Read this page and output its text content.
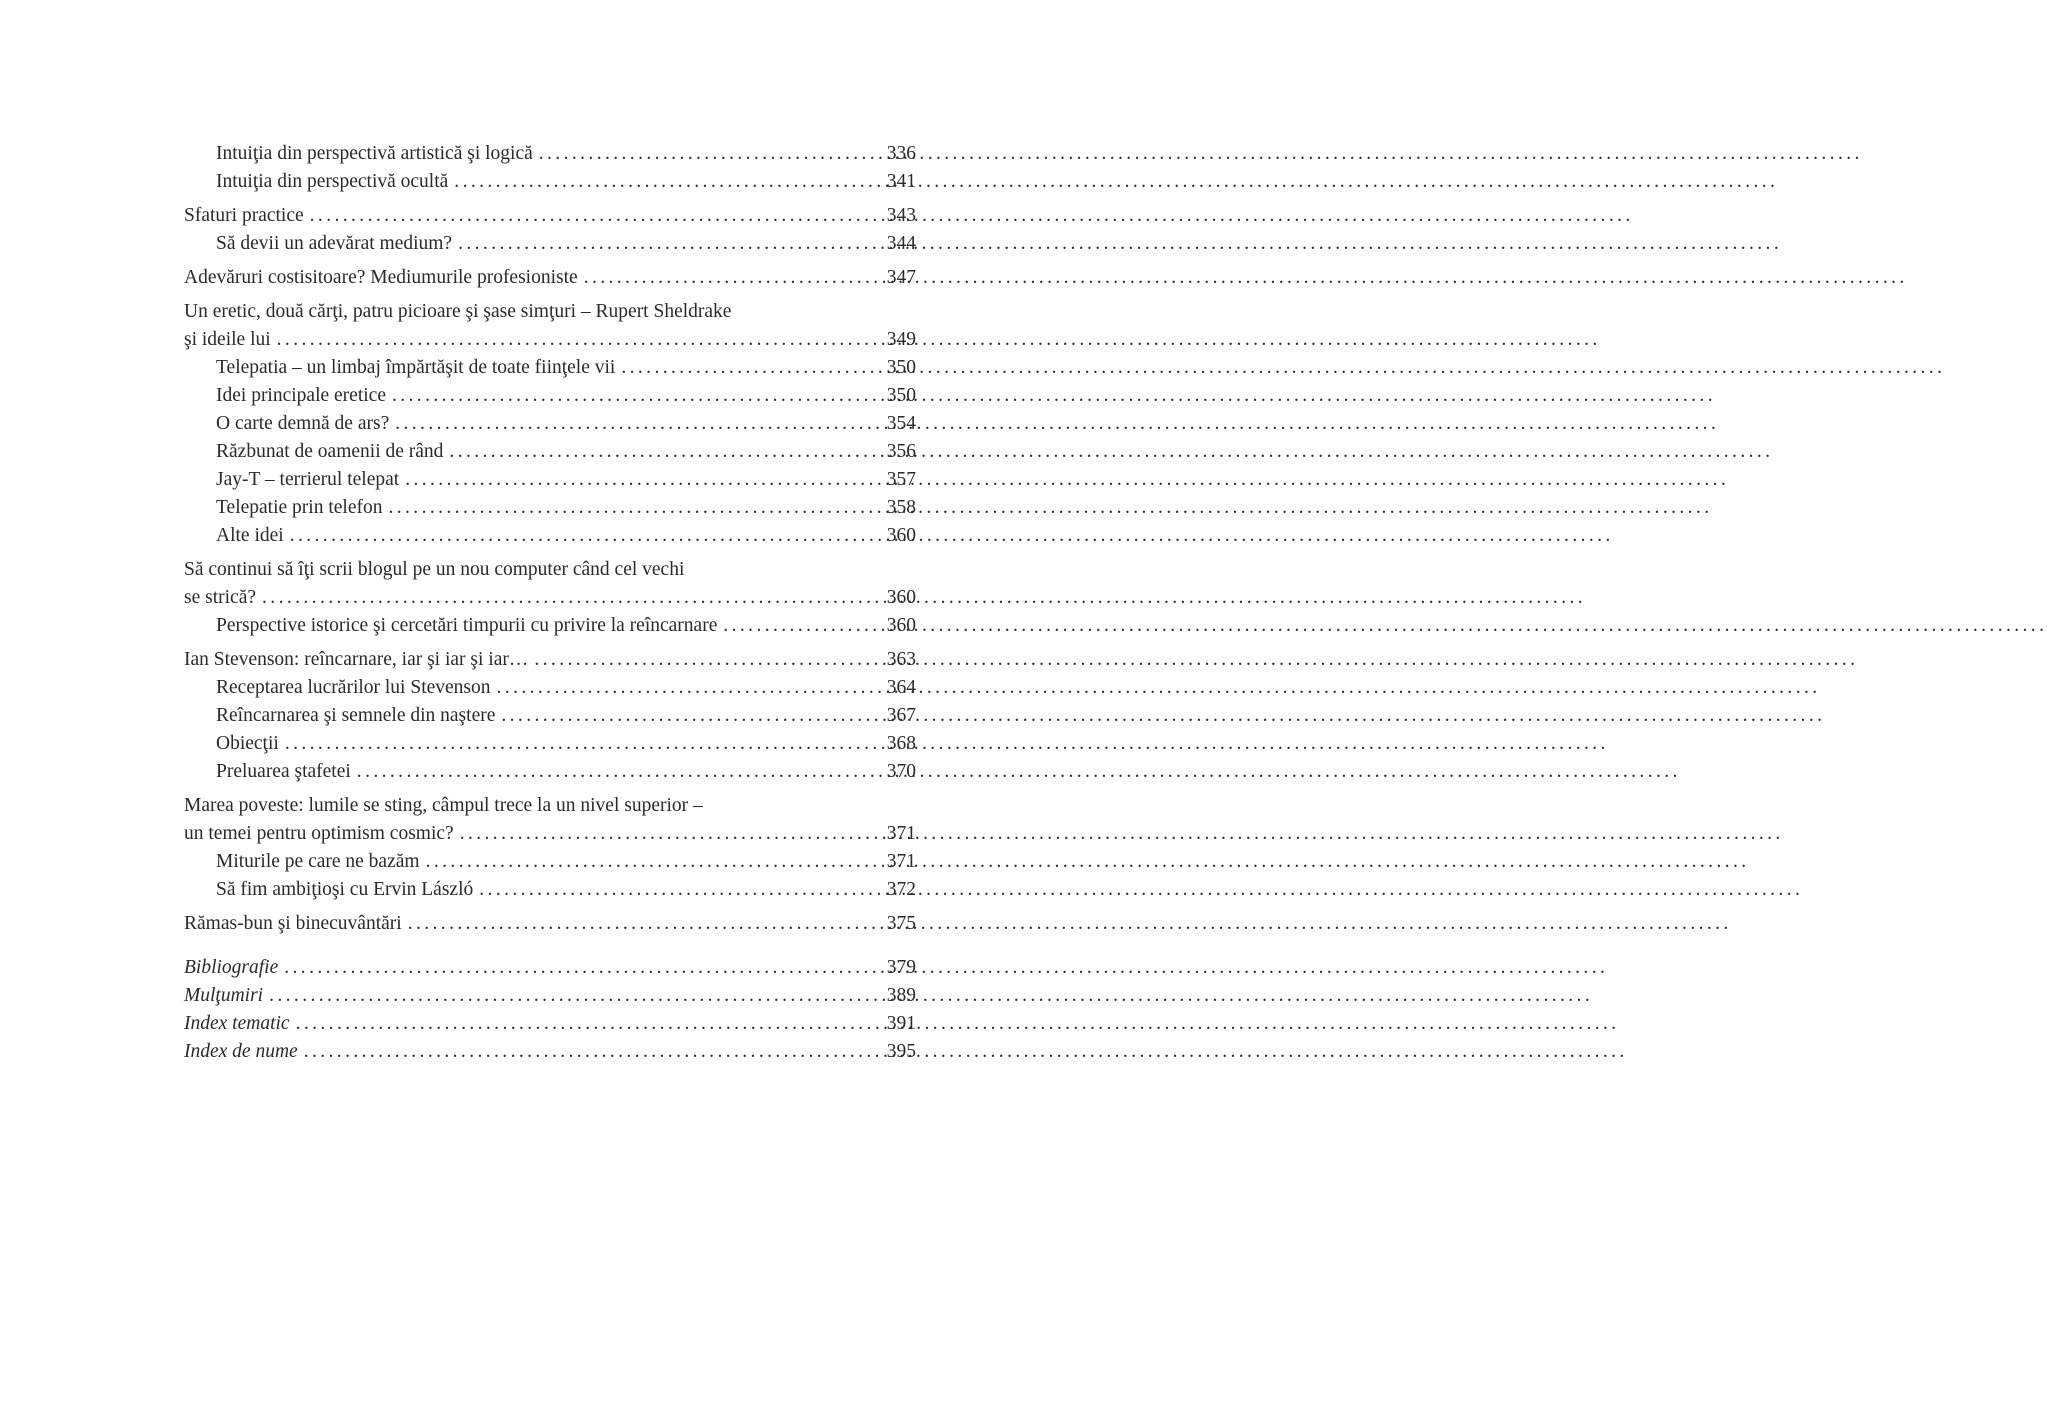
Intuiţia din perspectivă artistică şi logică .....	336
Intuiţia din perspectivă ocultă .....	341
Sfaturi practice .....	343
Să devii un adevărat medium? .....	344
Adevăruri costisitoare? Mediumurile profesioniste .....	347
Un eretic, două cărţi, patru picioare şi şase simţuri – Rupert Sheldrake
şi ideile lui .....	349
Telepatia – un limbaj împărtăşit de toate fiinţele vii .....	350
Idei principale eretice .....	350
O carte demnă de ars? .....	354
Răzbunat de oamenii de rând .....	356
Jay-T – terrierul telepat .....	357
Telepatie prin telefon .....	358
Alte idei .....	360
Să continui să îţi scrii blogul pe un nou computer când cel vechi
se strică? .....	360
Perspective istorice şi cercetări timpurii cu privire la reîncarnare .....	360
Ian Stevenson: reîncarnare, iar şi iar şi iar… .....	363
Receptarea lucrărilor lui Stevenson .....	364
Reîncarnarea şi semnele din naştere .....	367
Obiecţii .....	368
Preluarea ştafetei .....	370
Marea poveste: lumile se sting, câmpul trece la un nivel superior –
un temei pentru optimism cosmic? .....	371
Miturile pe care ne bazăm .....	371
Să fim ambiţioşi cu Ervin László .....	372
Rămas-bun şi binecuvântări .....	375
Bibliografie .....	379
Mulţumiri .....	389
Index tematic .....	391
Index de nume .....	395
